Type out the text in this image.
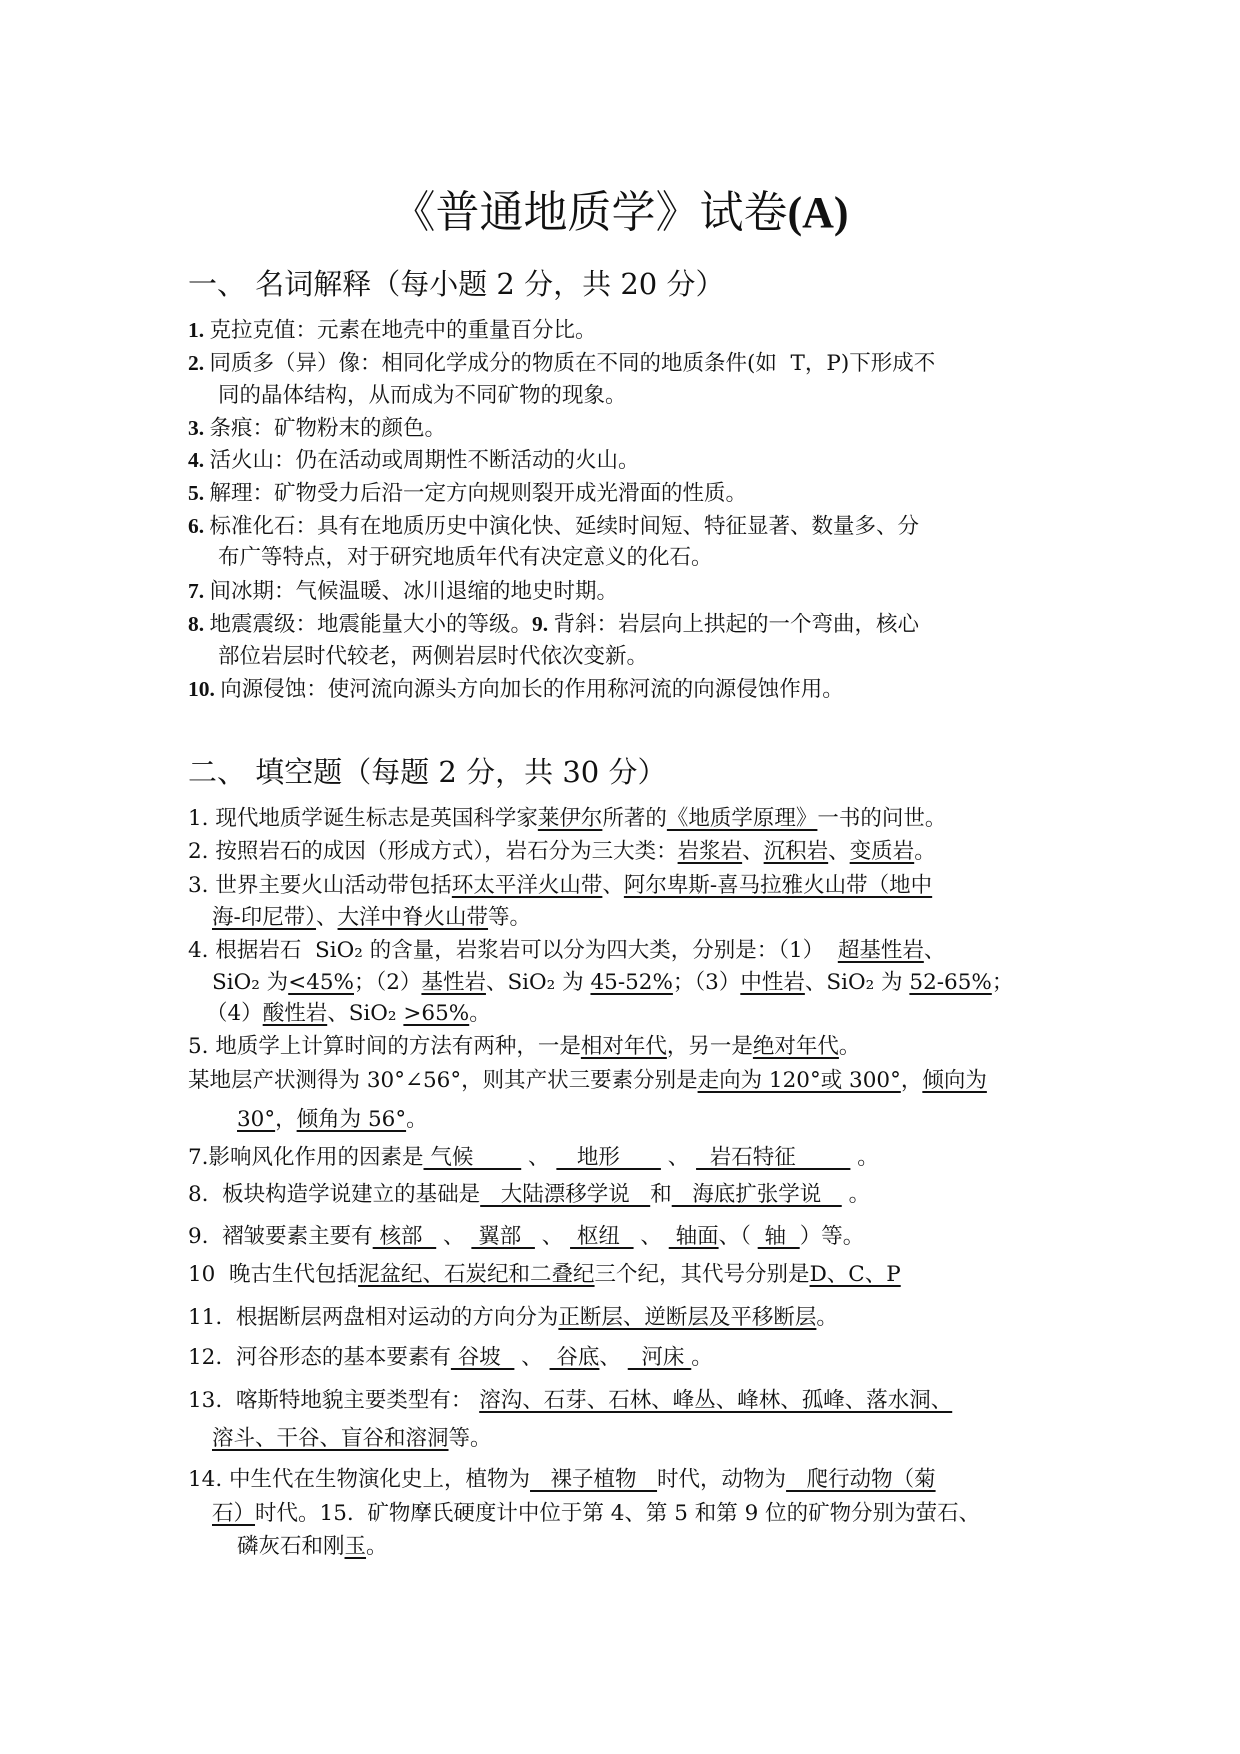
《普通地质学》试卷(A)
一、 名词解释（每小题 2 分，共 20 分）
1. 克拉克值：元素在地壳中的重量百分比。
2. 同质多（异）像：相同化学成分的物质在不同的地质条件(如  T，P)下形成不
同的晶体结构，从而成为不同矿物的现象。
3. 条痕：矿物粉末的颜色。
4. 活火山：仍在活动或周期性不断活动的火山。
5. 解理：矿物受力后沿一定方向规则裂开成光滑面的性质。
6. 标准化石：具有在地质历史中演化快、延续时间短、特征显著、数量多、分
布广等特点，对于研究地质年代有决定意义的化石。
7. 间冰期：气候温暖、冰川退缩的地史时期。
8. 地震震级：地震能量大小的等级。9. 背斜：岩层向上拱起的一个弯曲，核心
部位岩层时代较老，两侧岩层时代依次变新。
10. 向源侵蚀：使河流向源头方向加长的作用称河流的向源侵蚀作用。
二、 填空题（每题 2 分，共 30 分）
1. 现代地质学诞生标志是英国科学家莱伊尔所著的《地质学原理》一书的问世。
2. 按照岩石的成因（形成方式），岩石分为三大类：岩浆岩、沉积岩、变质岩。
3. 世界主要火山活动带包括环太平洋火山带、阿尔卑斯-喜马拉雅火山带（地中
海-印尼带）、大洋中脊火山带等。
4. 根据岩石  SiO₂ 的含量，岩浆岩可以分为四大类，分别是：（1）  超基性岩、
SiO₂ 为<45%；（2）基性岩、SiO₂ 为 45-52%；（3）中性岩、SiO₂ 为 52-65%；
（4）酸性岩、SiO₂ >65%。
5. 地质学上计算时间的方法有两种，一是相对年代，另一是绝对年代。
某地层产状测得为 30°∠56°，则其产状三要素分别是走向为 120°或 300°，倾向为
30°，倾角为 56°。
7.影响风化作用的因素是 气候        、    地形       、   岩石特征         。
8.  板块构造学说建立的基础是   大陆漂移学说   和   海底扩张学说    。
9.  褶皱要素主要有 核部   、  翼部   、  枢纽   、  轴面、（  轴  ）等。
10  晚古生代包括泥盆纪、石炭纪和二叠纪三个纪，其代号分别是D、C、P
11.  根据断层两盘相对运动的方向分为正断层、逆断层及平移断层。
12.  河谷形态的基本要素有 谷坡   、  谷底、   河床 。
13.  喀斯特地貌主要类型有： 溶沟、石芽、石林、峰丛、峰林、孤峰、落水洞、
溶斗、干谷、盲谷和溶洞等。
14. 中生代在生物演化史上，植物为   裸子植物   时代，动物为   爬行动物（菊
石）时代。15.  矿物摩氏硬度计中位于第 4、第 5 和第 9 位的矿物分别为萤石、
磷灰石和刚玉。
